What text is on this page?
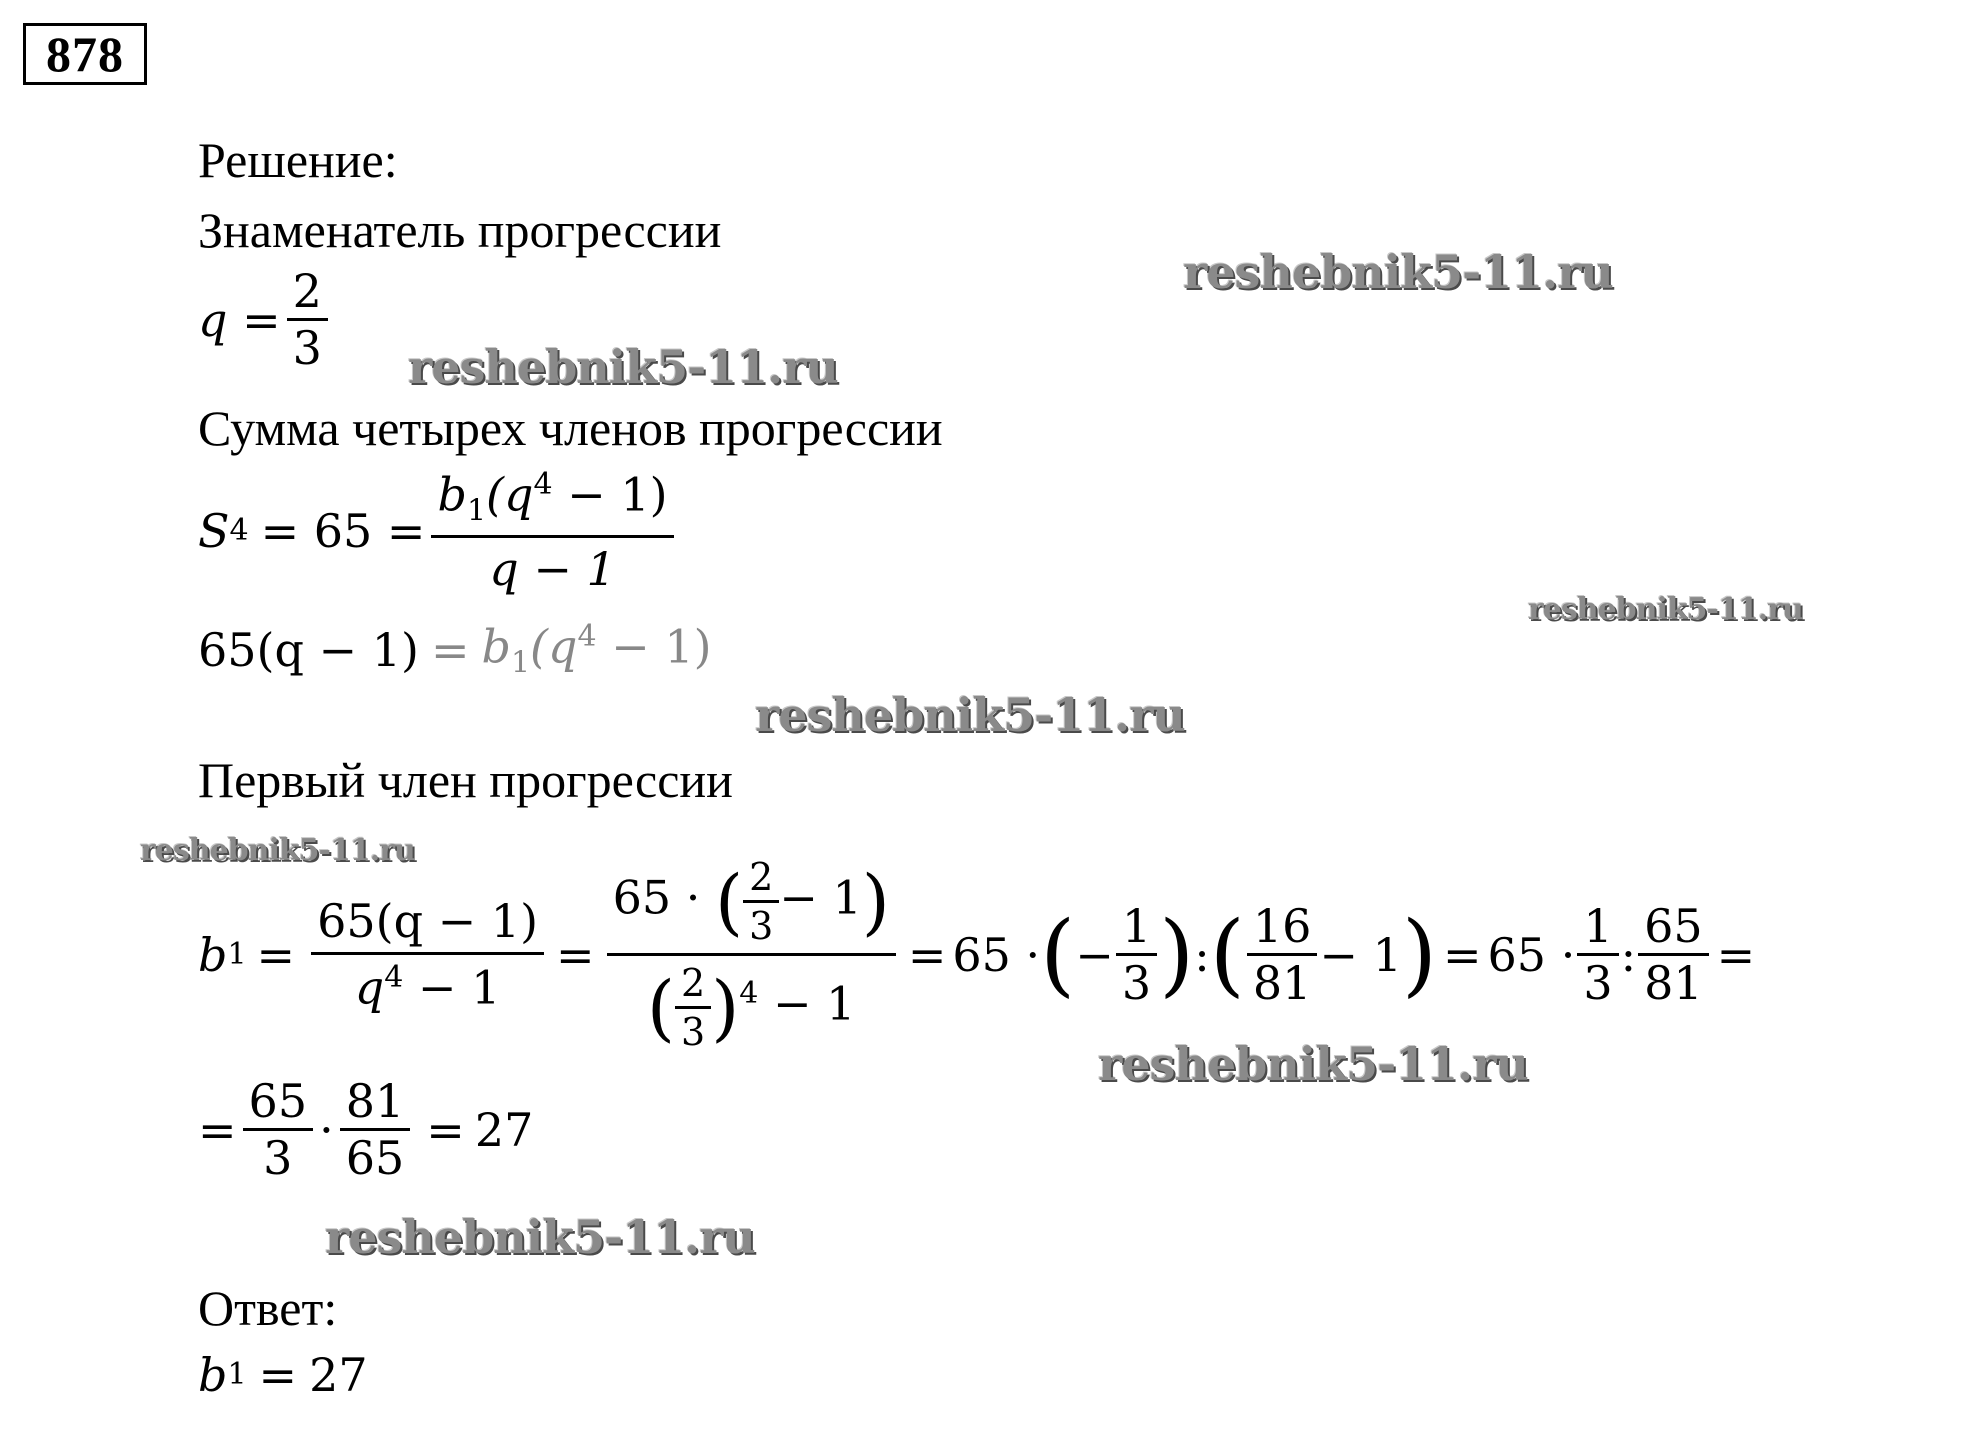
878
Решение:
Знаменатель прогрессии
$q = \frac{2}{3}$
Сумма четырех членов прогрессии
S $4 = 65 = \frac{b_1(q^4 - 1)}{q - 1}$
$65(q - 1) = b_1(q^4 - 1)$
Первый член прогрессии
b $1 = \frac{65(q - 1)}{q^4 - 1} = \frac{65 \cdot ( \frac{2}{3} - 1)}{( \frac{2}{3} )^4 - 1} = 65$
· ( − $\frac{1}{3}$ ) : ( $\frac{16}{81} - 1$ ) = 65
· $\frac{1}{3}$ : $\frac{65}{81}$ =
= $\frac{65}{3} \cdot \frac{81}{65} = 27$
Ответ:
b 1 = 27
reshebnik5-11.ru
reshebnik5-11.ru
reshebnik5-11.ru
reshebnik5-11.ru
reshebnik5-11.ru
reshebnik5-11.ru
reshebnik5-11.ru
